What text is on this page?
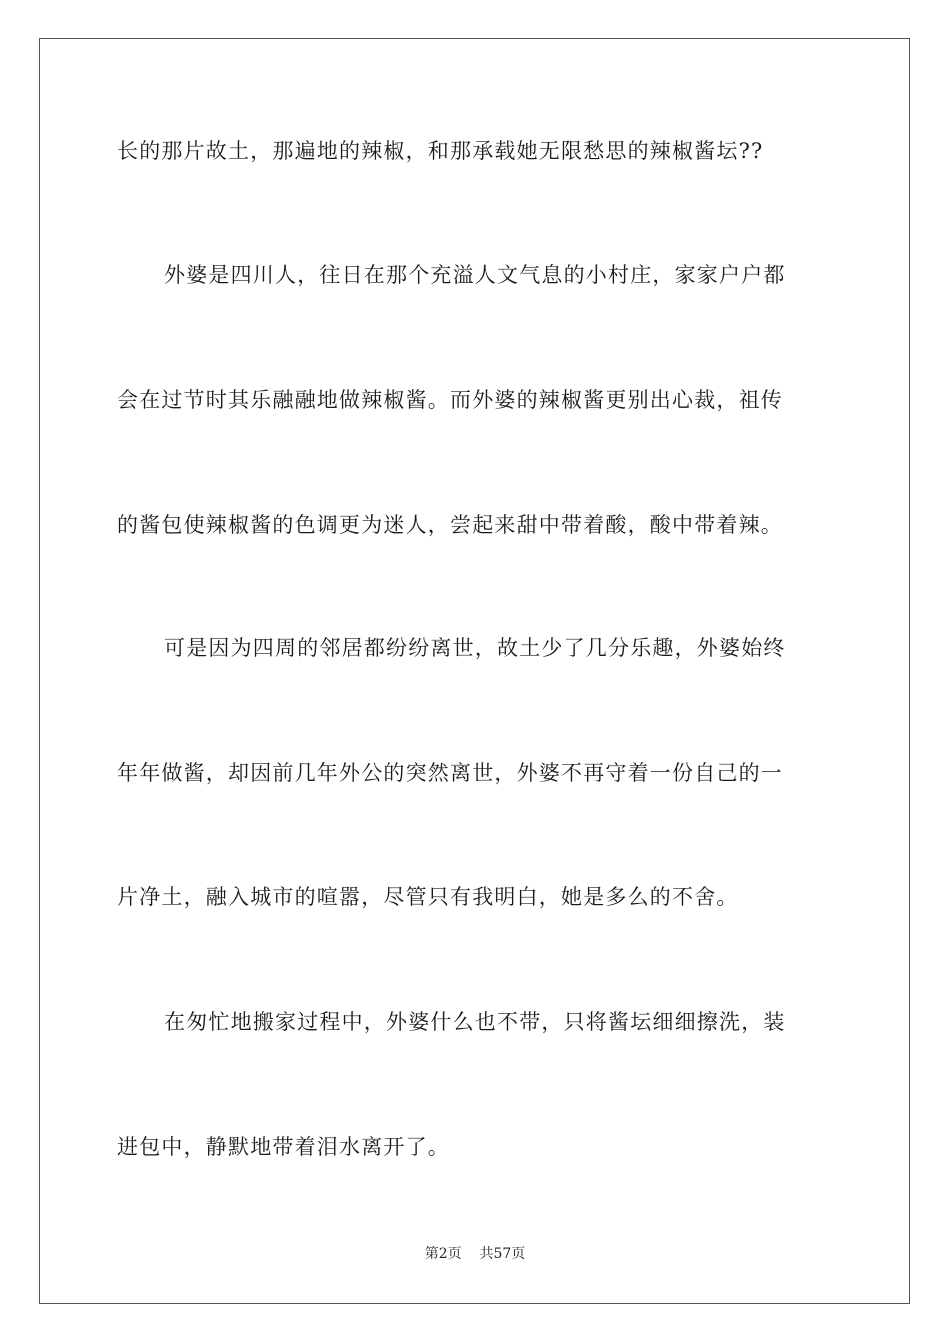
长的那片故土，那遍地的辣椒，和那承载她无限愁思的辣椒酱坛??
外婆是四川人，往日在那个充溢人文气息的小村庄，家家户户都
会在过节时其乐融融地做辣椒酱。而外婆的辣椒酱更别出心裁，祖传
的酱包使辣椒酱的色调更为迷人，尝起来甜中带着酸，酸中带着辣。
可是因为四周的邻居都纷纷离世，故土少了几分乐趣，外婆始终
年年做酱，却因前几年外公的突然离世，外婆不再守着一份自己的一
片净土，融入城市的喧嚣，尽管只有我明白，她是多么的不舍。
在匆忙地搬家过程中，外婆什么也不带，只将酱坛细细擦洗，装
进包中，静默地带着泪水离开了。
第2页 共57页
